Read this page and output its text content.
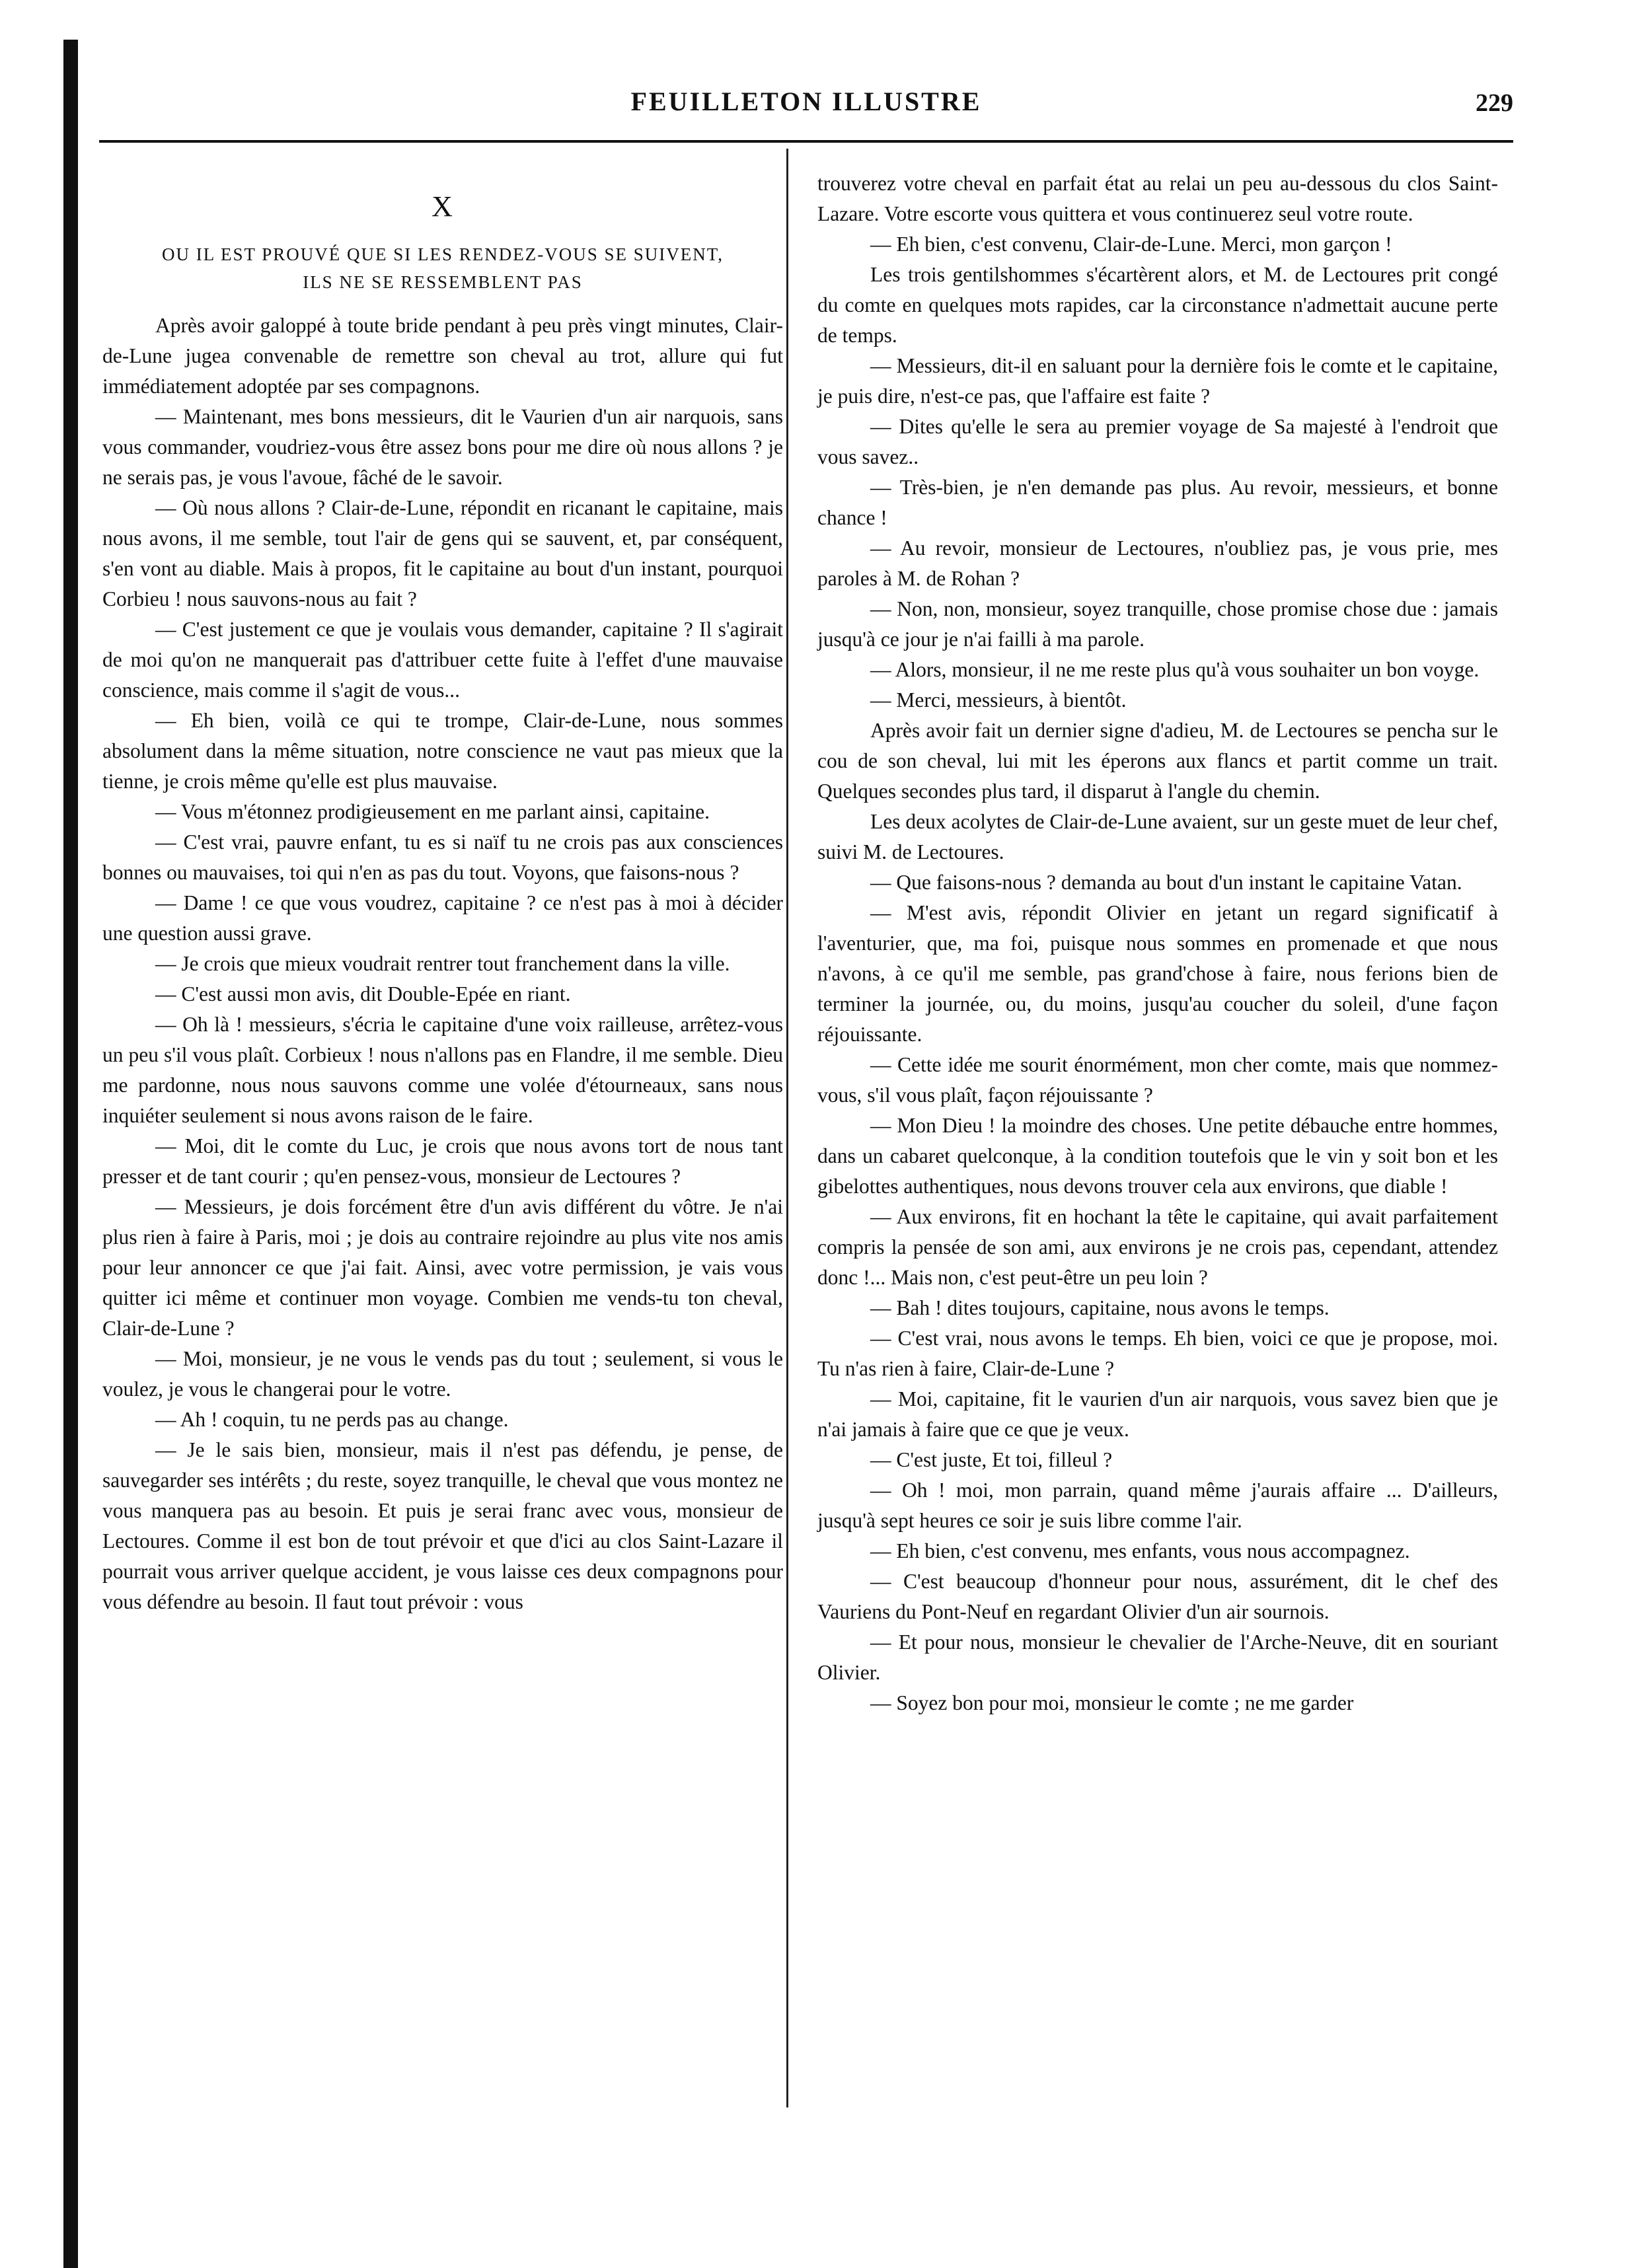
FEUILLETON ILLUSTRE	229
X
OU IL EST PROUVÉ QUE SI LES RENDEZ-VOUS SE SUIVENT,
ILS NE SE RESSEMBLENT PAS

Après avoir galoppé à toute bride pendant à peu près vingt minutes, Clair-de-Lune jugea convenable de remettre son cheval au trot, allure qui fut immédiatement adoptée par ses compagnons.

— Maintenant, mes bons messieurs, dit le Vaurien d'un air narquois, sans vous commander, voudriez-vous être assez bons pour me dire où nous allons ? je ne serais pas, je vous l'avoue, fâché de le savoir.

— Où nous allons ? Clair-de-Lune, répondit en ricanant le capitaine, mais nous avons, il me semble, tout l'air de gens qui se sauvent, et, par conséquent, s'en vont au diable. Mais à propos, fit le capitaine au bout d'un instant, pourquoi Corbieu ! nous sauvons-nous au fait ?

— C'est justement ce que je voulais vous demander, capitaine ? Il s'agirait de moi qu'on ne manquerait pas d'attribuer cette fuite à l'effet d'une mauvaise conscience, mais comme il s'agit de vous...

— Eh bien, voilà ce qui te trompe, Clair-de-Lune, nous sommes absolument dans la même situation, notre conscience ne vaut pas mieux que la tienne, je crois même qu'elle est plus mauvaise.

— Vous m'étonnez prodigieusement en me parlant ainsi, capitaine.

— C'est vrai, pauvre enfant, tu es si naïf tu ne crois pas aux consciences bonnes ou mauvaises, toi qui n'en as pas du tout. Voyons, que faisons-nous ?

— Dame ! ce que vous voudrez, capitaine ? ce n'est pas à moi à décider une question aussi grave.

— Je crois que mieux voudrait rentrer tout franchement dans la ville.

— C'est aussi mon avis, dit Double-Epée en riant.

— Oh là ! messieurs, s'écria le capitaine d'une voix railleuse, arrêtez-vous un peu s'il vous plaît. Corbieux ! nous n'allons pas en Flandre, il me semble. Dieu me pardonne, nous nous sauvons comme une volée d'étourneaux, sans nous inquiéter seulement si nous avons raison de le faire.

— Moi, dit le comte du Luc, je crois que nous avons tort de nous tant presser et de tant courir ; qu'en pensez-vous, monsieur de Lectoures ?

— Messieurs, je dois forcément être d'un avis différent du vôtre. Je n'ai plus rien à faire à Paris, moi ; je dois au contraire rejoindre au plus vite nos amis pour leur annoncer ce que j'ai fait. Ainsi, avec votre permission, je vais vous quitter ici même et continuer mon voyage. Combien me vends-tu ton cheval, Clair-de-Lune ?

— Moi, monsieur, je ne vous le vends pas du tout ; seulement, si vous le voulez, je vous le changerai pour le votre.

— Ah ! coquin, tu ne perds pas au change.

— Je le sais bien, monsieur, mais il n'est pas défendu, je pense, de sauvegarder ses intérêts ; du reste, soyez tranquille, le cheval que vous montez ne vous manquera pas au besoin. Et puis je serai franc avec vous, monsieur de Lectoures. Comme il est bon de tout prévoir et que d'ici au clos Saint-Lazare il pourrait vous arriver quelque accident, je vous laisse ces deux compagnons pour vous défendre au besoin. Il faut tout prévoir : vous

trouverez votre cheval en parfait état au relai un peu au-dessous du clos Saint-Lazare. Votre escorte vous quittera et vous continuerez seul votre route.

— Eh bien, c'est convenu, Clair-de-Lune. Merci, mon garçon !

Les trois gentilshommes s'écartèrent alors, et M. de Lectoures prit congé du comte en quelques mots rapides, car la circonstance n'admettait aucune perte de temps.

— Messieurs, dit-il en saluant pour la dernière fois le comte et le capitaine, je puis dire, n'est-ce pas, que l'affaire est faite ?

— Dites qu'elle le sera au premier voyage de Sa majesté à l'endroit que vous savez..

— Très-bien, je n'en demande pas plus. Au revoir, messieurs, et bonne chance !

— Au revoir, monsieur de Lectoures, n'oubliez pas, je vous prie, mes paroles à M. de Rohan ?

— Non, non, monsieur, soyez tranquille, chose promise chose due : jamais jusqu'à ce jour je n'ai failli à ma parole.

— Alors, monsieur, il ne me reste plus qu'à vous souhaiter un bon voyge.

— Merci, messieurs, à bientôt.

Après avoir fait un dernier signe d'adieu, M. de Lectoures se pencha sur le cou de son cheval, lui mit les éperons aux flancs et partit comme un trait. Quelques secondes plus tard, il disparut à l'angle du chemin.

Les deux acolytes de Clair-de-Lune avaient, sur un geste muet de leur chef, suivi M. de Lectoures.

— Que faisons-nous ? demanda au bout d'un instant le capitaine Vatan.

— M'est avis, répondit Olivier en jetant un regard significatif à l'aventurier, que, ma foi, puisque nous sommes en promenade et que nous n'avons, à ce qu'il me semble, pas grand'chose à faire, nous ferions bien de terminer la journée, ou, du moins, jusqu'au coucher du soleil, d'une façon réjouissante.

— Cette idée me sourit énormément, mon cher comte, mais que nommez-vous, s'il vous plaît, façon réjouissante ?

— Mon Dieu ! la moindre des choses. Une petite débauche entre hommes, dans un cabaret quelconque, à la condition toutefois que le vin y soit bon et les gibelottes authentiques, nous devons trouver cela aux environs, que diable !

— Aux environs, fit en hochant la tête le capitaine, qui avait parfaitement compris la pensée de son ami, aux environs je ne crois pas, cependant, attendez donc !... Mais non, c'est peut-être un peu loin ?

— Bah ! dites toujours, capitaine, nous avons le temps.

— C'est vrai, nous avons le temps. Eh bien, voici ce que je propose, moi. Tu n'as rien à faire, Clair-de-Lune ?

— Moi, capitaine, fit le vaurien d'un air narquois, vous savez bien que je n'ai jamais à faire que ce que je veux.

— C'est juste, Et toi, filleul ?

— Oh ! moi, mon parrain, quand même j'aurais affaire ... D'ailleurs, jusqu'à sept heures ce soir je suis libre comme l'air.

— Eh bien, c'est convenu, mes enfants, vous nous accompagnez.

— C'est beaucoup d'honneur pour nous, assurément, dit le chef des Vauriens du Pont-Neuf en regardant Olivier d'un air sournois.

— Et pour nous, monsieur le chevalier de l'Arche-Neuve, dit en souriant Olivier.

— Soyez bon pour moi, monsieur le comte ; ne me garder
